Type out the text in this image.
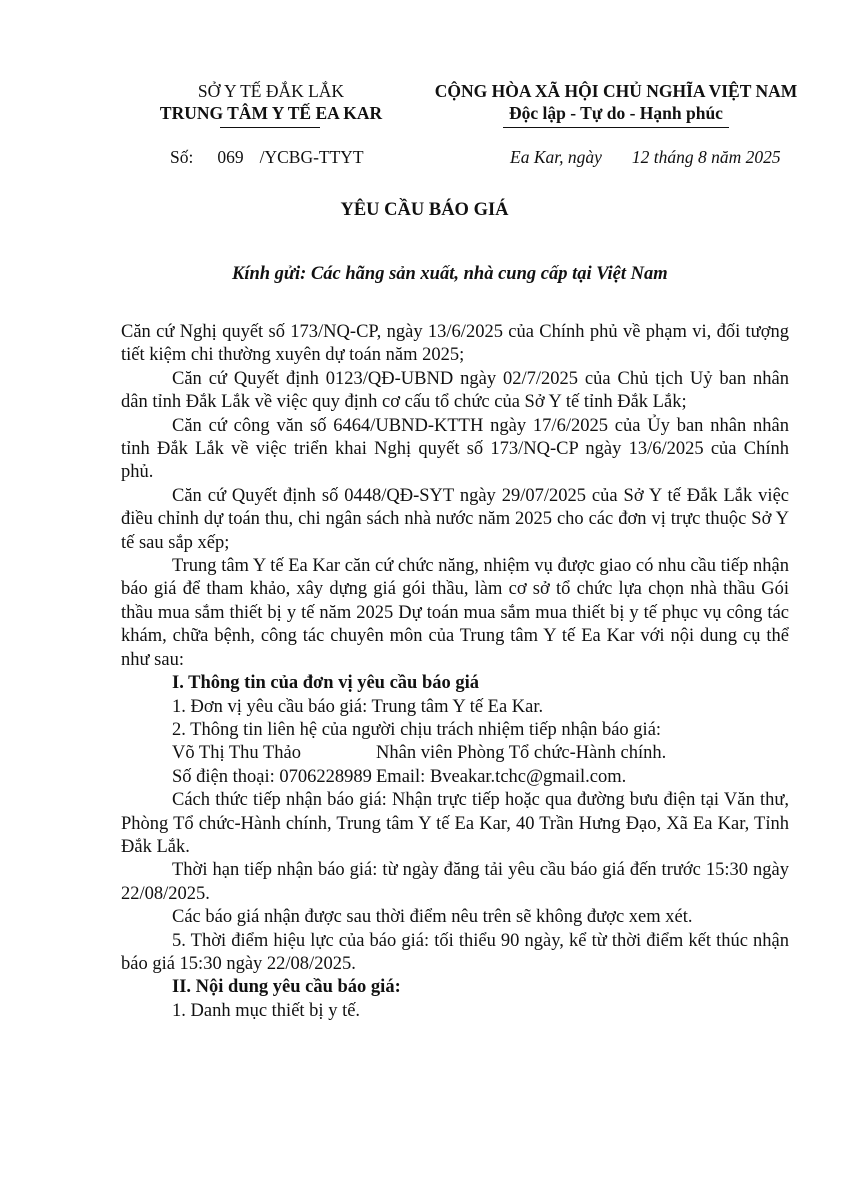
SỞ Y TẾ ĐẮK LẮK
TRUNG TÂM Y TẾ EA KAR
CỘNG HÒA XÃ HỘI CHỦ NGHĨA VIỆT NAM
Độc lập - Tự do - Hạnh phúc
Số: 069 /YCBG-TTYT	Ea Kar, ngày 12 tháng 8 năm 2025
YÊU CẦU BÁO GIÁ
Kính gửi: Các hãng sản xuất, nhà cung cấp tại Việt Nam

Căn cứ Nghị quyết số 173/NQ-CP, ngày 13/6/2025 của Chính phủ về phạm vi, đối tượng tiết kiệm chi thường xuyên dự toán năm 2025;

Căn cứ Quyết định 0123/QĐ-UBND ngày 02/7/2025 của Chủ tịch Uỷ ban nhân dân tỉnh Đắk Lắk về việc quy định cơ cấu tổ chức của Sở Y tế tỉnh Đắk Lắk;

Căn cứ công văn số 6464/UBND-KTTH ngày 17/6/2025 của Ủy ban nhân nhân tỉnh Đắk Lắk về việc triển khai Nghị quyết số 173/NQ-CP ngày 13/6/2025 của Chính phủ.

Căn cứ Quyết định số 0448/QĐ-SYT ngày 29/07/2025 của Sở Y tế Đắk Lắk việc điều chỉnh dự toán thu, chi ngân sách nhà nước năm 2025 cho các đơn vị trực thuộc Sở Y tế sau sắp xếp;

Trung tâm Y tế Ea Kar căn cứ chức năng, nhiệm vụ được giao có nhu cầu tiếp nhận báo giá để tham khảo, xây dựng giá gói thầu, làm cơ sở tổ chức lựa chọn nhà thầu Gói thầu mua sắm thiết bị y tế năm 2025 Dự toán mua sắm mua thiết bị y tế phục vụ công tác khám, chữa bệnh, công tác chuyên môn của Trung tâm Y tế Ea Kar với nội dung cụ thể như sau:

I. Thông tin của đơn vị yêu cầu báo giá

1. Đơn vị yêu cầu báo giá: Trung tâm Y tế Ea Kar.

2. Thông tin liên hệ của người chịu trách nhiệm tiếp nhận báo giá:

Võ Thị Thu Thảo	Nhân viên Phòng Tổ chức-Hành chính.
Số điện thoại: 0706228989 Email: Bveakar.tchc@gmail.com.

Cách thức tiếp nhận báo giá: Nhận trực tiếp hoặc qua đường bưu điện tại Văn thư, Phòng Tổ chức-Hành chính, Trung tâm Y tế Ea Kar, 40 Trần Hưng Đạo, Xã Ea Kar, Tỉnh Đắk Lắk.

Thời hạn tiếp nhận báo giá: từ ngày đăng tải yêu cầu báo giá đến trước 15:30 ngày 22/08/2025.

Các báo giá nhận được sau thời điểm nêu trên sẽ không được xem xét.

5. Thời điểm hiệu lực của báo giá: tối thiểu 90 ngày, kể từ thời điểm kết thúc nhận báo giá 15:30 ngày 22/08/2025.

II. Nội dung yêu cầu báo giá:

1. Danh mục thiết bị y tế.
